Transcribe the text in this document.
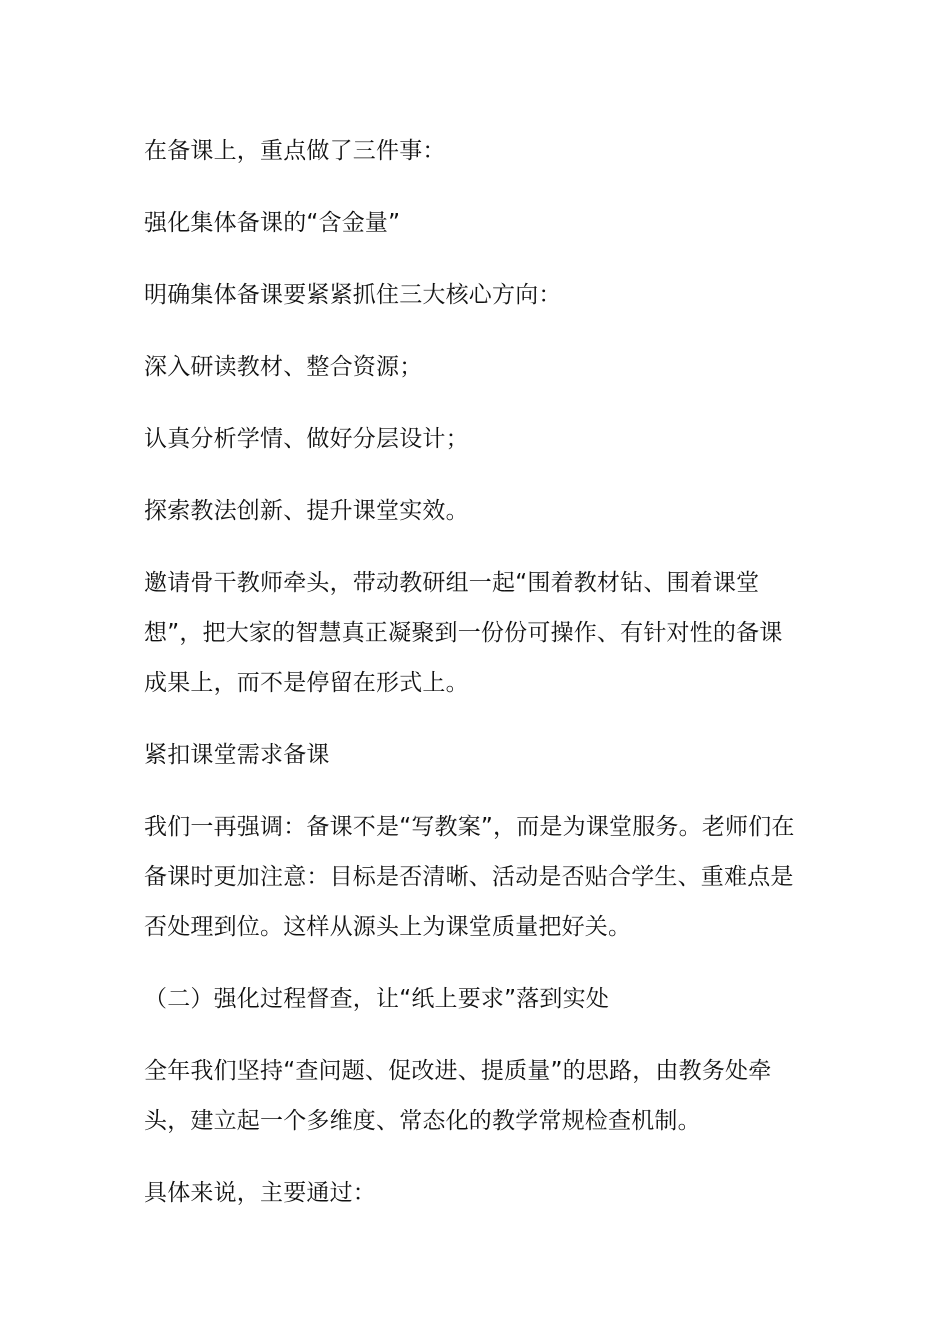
在备课上，重点做了三件事：

强化集体备课的“含金量”

明确集体备课要紧紧抓住三大核心方向：

深入研读教材、整合资源；

认真分析学情、做好分层设计；

探索教法创新、提升课堂实效。

邀请骨干教师牵头，带动教研组一起“围着教材钻、围着课堂想”，把大家的智慧真正凝聚到一份份可操作、有针对性的备课成果上，而不是停留在形式上。

紧扣课堂需求备课

我们一再强调：备课不是“写教案”，而是为课堂服务。老师们在备课时更加注意：目标是否清晰、活动是否贴合学生、重难点是否处理到位。这样从源头上为课堂质量把好关。

（二）强化过程督查，让“纸上要求”落到实处

全年我们坚持“查问题、促改进、提质量”的思路，由教务处牵头，建立起一个多维度、常态化的教学常规检查机制。

具体来说，主要通过：
